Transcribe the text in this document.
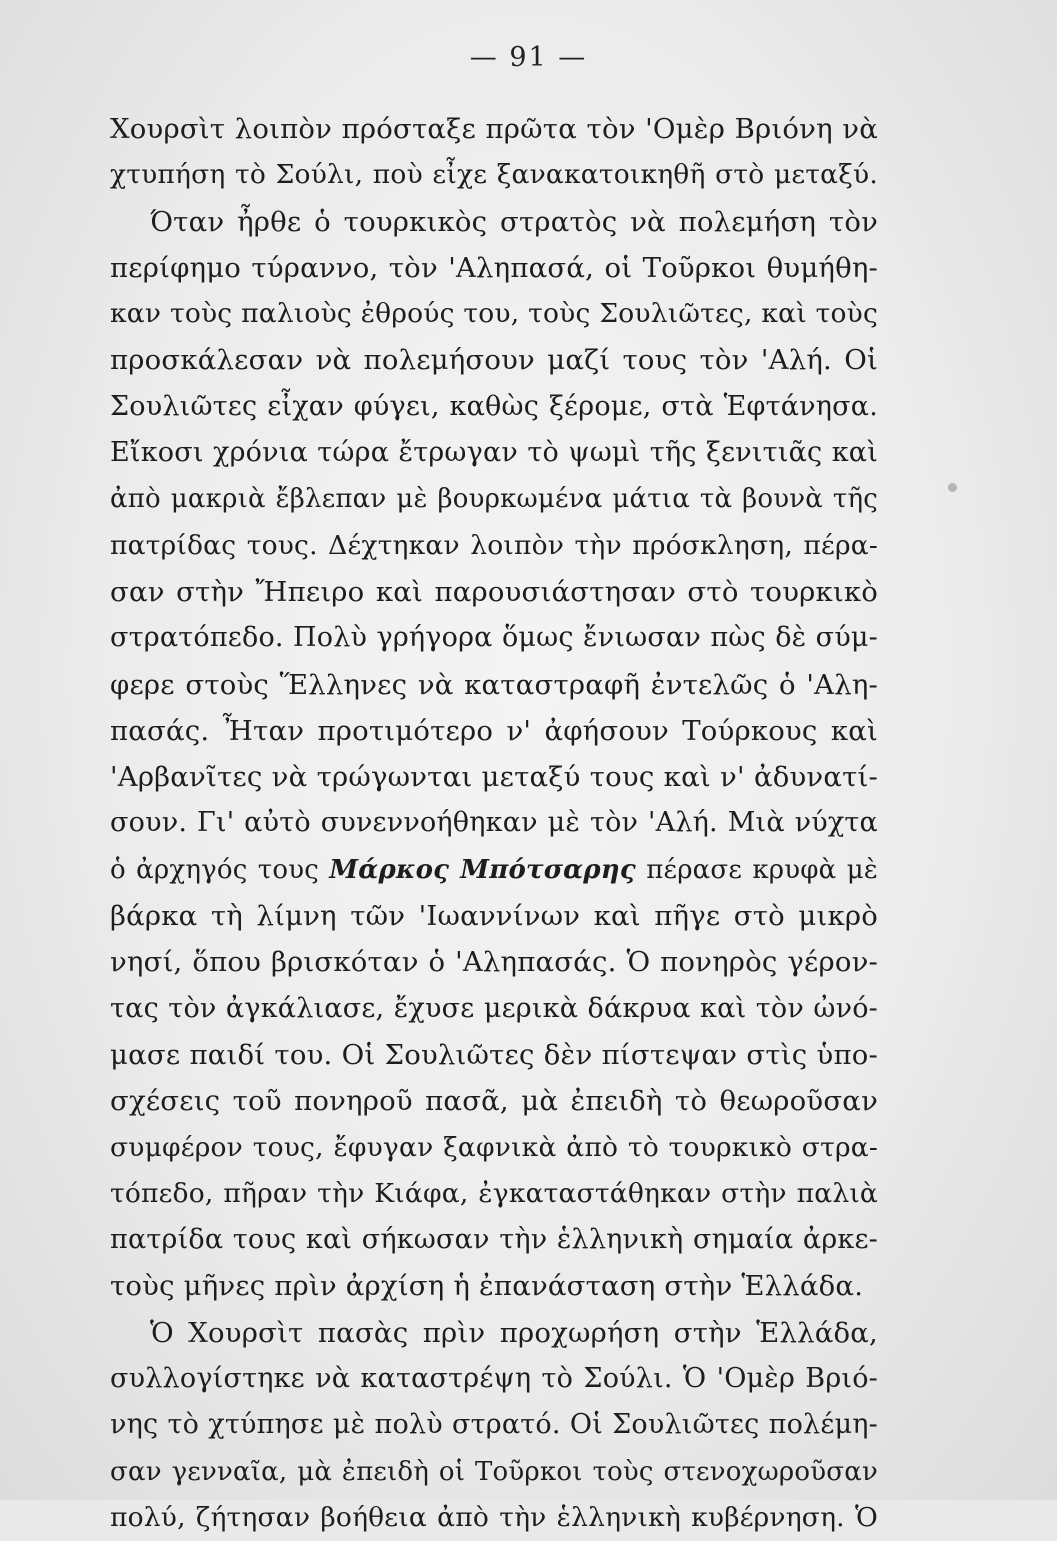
— 91 —
Χουρσὶτ λοιπὸν πρόσταξε πρῶτα τὸν 'Ομὲρ Βριόνη νὰ
χτυπήση τὸ Σούλι, ποὺ εἶχε ξανακατοικηθῆ στὸ μεταξύ.
Όταν ἦρθε ὁ τουρκικὸς στρατὸς νὰ πολεμήση τὸν
περίφημο τύραννο, τὸν 'Αληπασά, οἱ Τοῦρκοι θυμήθη-
καν τοὺς παλιοὺς ἐθρούς του, τοὺς Σουλιῶτες, καὶ τοὺς
προσκάλεσαν νὰ πολεμήσουν μαζί τους τὸν 'Αλή. Οἱ
Σουλιῶτες εἶχαν φύγει, καθὼς ξέρομε, στὰ Ἑφτάνησα.
Εἴκοσι χρόνια τώρα ἔτρωγαν τὸ ψωμὶ τῆς ξενιτιᾶς καὶ
ἀπὸ μακριὰ ἔβλεπαν μὲ βουρκωμένα μάτια τὰ βουνὰ τῆς
πατρίδας τους. Δέχτηκαν λοιπὸν τὴν πρόσκληση, πέρα-
σαν στὴν Ἤπειρο καὶ παρουσιάστησαν στὸ τουρκικὸ
στρατόπεδο. Πολὺ γρήγορα ὅμως ἔνιωσαν πὼς δὲ σύμ-
φερε στοὺς Ἕλληνες νὰ καταστραφῆ ἐντελῶς ὁ 'Αλη-
πασάς. Ἦταν προτιμότερο ν' ἀφήσουν Τούρκους καὶ
'Αρβανῖτες νὰ τρώγωνται μεταξύ τους καὶ ν' ἀδυνατί-
σουν. Γι' αὐτὸ συνεννοήθηκαν μὲ τὸν 'Αλή. Μιὰ νύχτα
ὁ ἀρχηγός τους Μάρκος Μπότσαρης πέρασε κρυφὰ μὲ
βάρκα τὴ λίμνη τῶν 'Ιωαννίνων καὶ πῆγε στὸ μικρὸ
νησί, ὅπου βρισκόταν ὁ 'Αληπασάς. Ὁ πονηρὸς γέρον-
τας τὸν ἀγκάλιασε, ἔχυσε μερικὰ δάκρυα καὶ τὸν ὠνό-
μασε παιδί του. Οἱ Σουλιῶτες δὲν πίστεψαν στὶς ὑπο-
σχέσεις τοῦ πονηροῦ πασᾶ, μὰ ἐπειδὴ τὸ θεωροῦσαν
συμφέρον τους, ἔφυγαν ξαφνικὰ ἀπὸ τὸ τουρκικὸ στρα-
τόπεδο, πῆραν τὴν Κιάφα, ἐγκαταστάθηκαν στὴν παλιὰ
πατρίδα τους καὶ σήκωσαν τὴν ἑλληνικὴ σημαία ἀρκε-
τοὺς μῆνες πρὶν ἀρχίση ἡ ἐπανάσταση στὴν Ἑλλάδα.
Ὁ Χουρσὶτ πασὰς πρὶν προχωρήση στὴν Ἑλλάδα,
συλλογίστηκε νὰ καταστρέψη τὸ Σούλι. Ὁ 'Ομὲρ Βριό-
νης τὸ χτύπησε μὲ πολὺ στρατό. Οἱ Σουλιῶτες πολέμη-
σαν γενναῖα, μὰ ἐπειδὴ οἱ Τοῦρκοι τοὺς στενοχωροῦσαν
πολύ, ζήτησαν βοήθεια ἀπὸ τὴν ἑλληνικὴ κυβέρνηση. Ὁ
